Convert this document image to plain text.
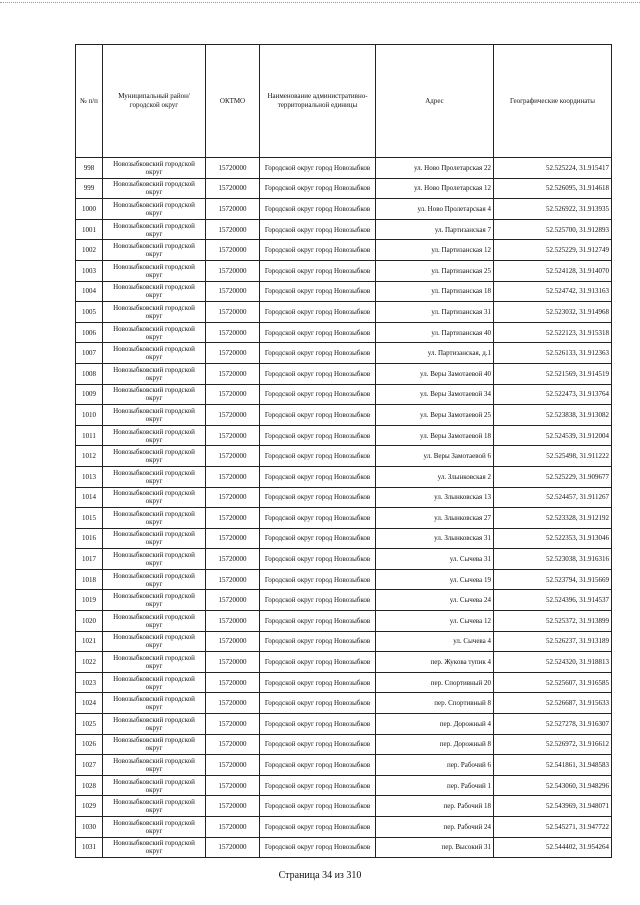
№ п/п	Муниципальный район/городской округ	ОКТМО	Наименование административно-территориальной единицы	Адрес	Географические координаты
998	Новозыбковский городской округ	15720000	Городской округ город Новозыбков	ул. Ново Пролетарская 22	52.525224, 31.915417
999	Новозыбковский городской округ	15720000	Городской округ город Новозыбков	ул. Ново Пролетарская 12	52.526095, 31.914618
1000	Новозыбковский городской округ	15720000	Городской округ город Новозыбков	ул. Ново Пролетарская 4	52.526922, 31.913935
1001	Новозыбковский городской округ	15720000	Городской округ город Новозыбков	ул. Партизанская 7	52.525700, 31.912893
1002	Новозыбковский городской округ	15720000	Городской округ город Новозыбков	ул. Партизанская 12	52.525229, 31.912749
1003	Новозыбковский городской округ	15720000	Городской округ город Новозыбков	ул. Партизанская 25	52.524128, 31.914070
1004	Новозыбковский городской округ	15720000	Городской округ город Новозыбков	ул. Партизанская 18	52.524742, 31.913163
1005	Новозыбковский городской округ	15720000	Городской округ город Новозыбков	ул. Партизанская 31	52.523032, 31.914968
1006	Новозыбковский городской округ	15720000	Городской округ город Новозыбков	ул. Партизанская 40	52.522123, 31.915318
1007	Новозыбковский городской округ	15720000	Городской округ город Новозыбков	ул. Партизанская, д.1	52.526133, 31.912363
1008	Новозыбковский городской округ	15720000	Городской округ город Новозыбков	ул. Веры Замотаевой 40	52.521569, 31.914519
1009	Новозыбковский городской округ	15720000	Городской округ город Новозыбков	ул. Веры Замотаевой 34	52.522473, 31.913764
1010	Новозыбковский городской округ	15720000	Городской округ город Новозыбков	ул. Веры Замотаевой 25	52.523838, 31.913082
1011	Новозыбковский городской округ	15720000	Городской округ город Новозыбков	ул. Веры Замотаевой 18	52.524539, 31.912004
1012	Новозыбковский городской округ	15720000	Городской округ город Новозыбков	ул. Веры Замотаевой 6	52.525498, 31.911222
1013	Новозыбковский городской округ	15720000	Городской округ город Новозыбков	ул. Злынковская 2	52.525229, 31.909677
1014	Новозыбковский городской округ	15720000	Городской округ город Новозыбков	ул. Злынковская 13	52.524457, 31.911267
1015	Новозыбковский городской округ	15720000	Городской округ город Новозыбков	ул. Злынковская 27	52.523328, 31.912192
1016	Новозыбковский городской округ	15720000	Городской округ город Новозыбков	ул. Злынковская 31	52.522353, 31.913046
1017	Новозыбковский городской округ	15720000	Городской округ город Новозыбков	ул. Сычева 31	52.523038, 31.916316
1018	Новозыбковский городской округ	15720000	Городской округ город Новозыбков	ул. Сычева 19	52.523794, 31.915669
1019	Новозыбковский городской округ	15720000	Городской округ город Новозыбков	ул. Сычева 24	52.524396, 31.914537
1020	Новозыбковский городской округ	15720000	Городской округ город Новозыбков	ул. Сычева 12	52.525372, 31.913899
1021	Новозыбковский городской округ	15720000	Городской округ город Новозыбков	ул. Сычева 4	52.526237, 31.913189
1022	Новозыбковский городской округ	15720000	Городской округ город Новозыбков	пер. Жукова тупик 4	52.524320, 31.918813
1023	Новозыбковский городской округ	15720000	Городской округ город Новозыбков	пер. Спортивный 20	52.525607, 31.916585
1024	Новозыбковский городской округ	15720000	Городской округ город Новозыбков	пер. Спортивный 8	52.526687, 31.915633
1025	Новозыбковский городской округ	15720000	Городской округ город Новозыбков	пер. Дорожный 4	52.527278, 31.916307
1026	Новозыбковский городской округ	15720000	Городской округ город Новозыбков	пер. Дорожный 8	52.526972, 31.916612
1027	Новозыбковский городской округ	15720000	Городской округ город Новозыбков	пер. Рабочий 6	52.541861, 31.948583
1028	Новозыбковский городской округ	15720000	Городской округ город Новозыбков	пер. Рабочий 1	52.543060, 31.948296
1029	Новозыбковский городской округ	15720000	Городской округ город Новозыбков	пер. Рабочий 18	52.543969, 31.948071
1030	Новозыбковский городской округ	15720000	Городской округ город Новозыбков	пер. Рабочий 24	52.545271, 31.947722
1031	Новозыбковский городской округ	15720000	Городской округ город Новозыбков	пер. Высокий 31	52.544402, 31.954264
Страница 34 из 310
